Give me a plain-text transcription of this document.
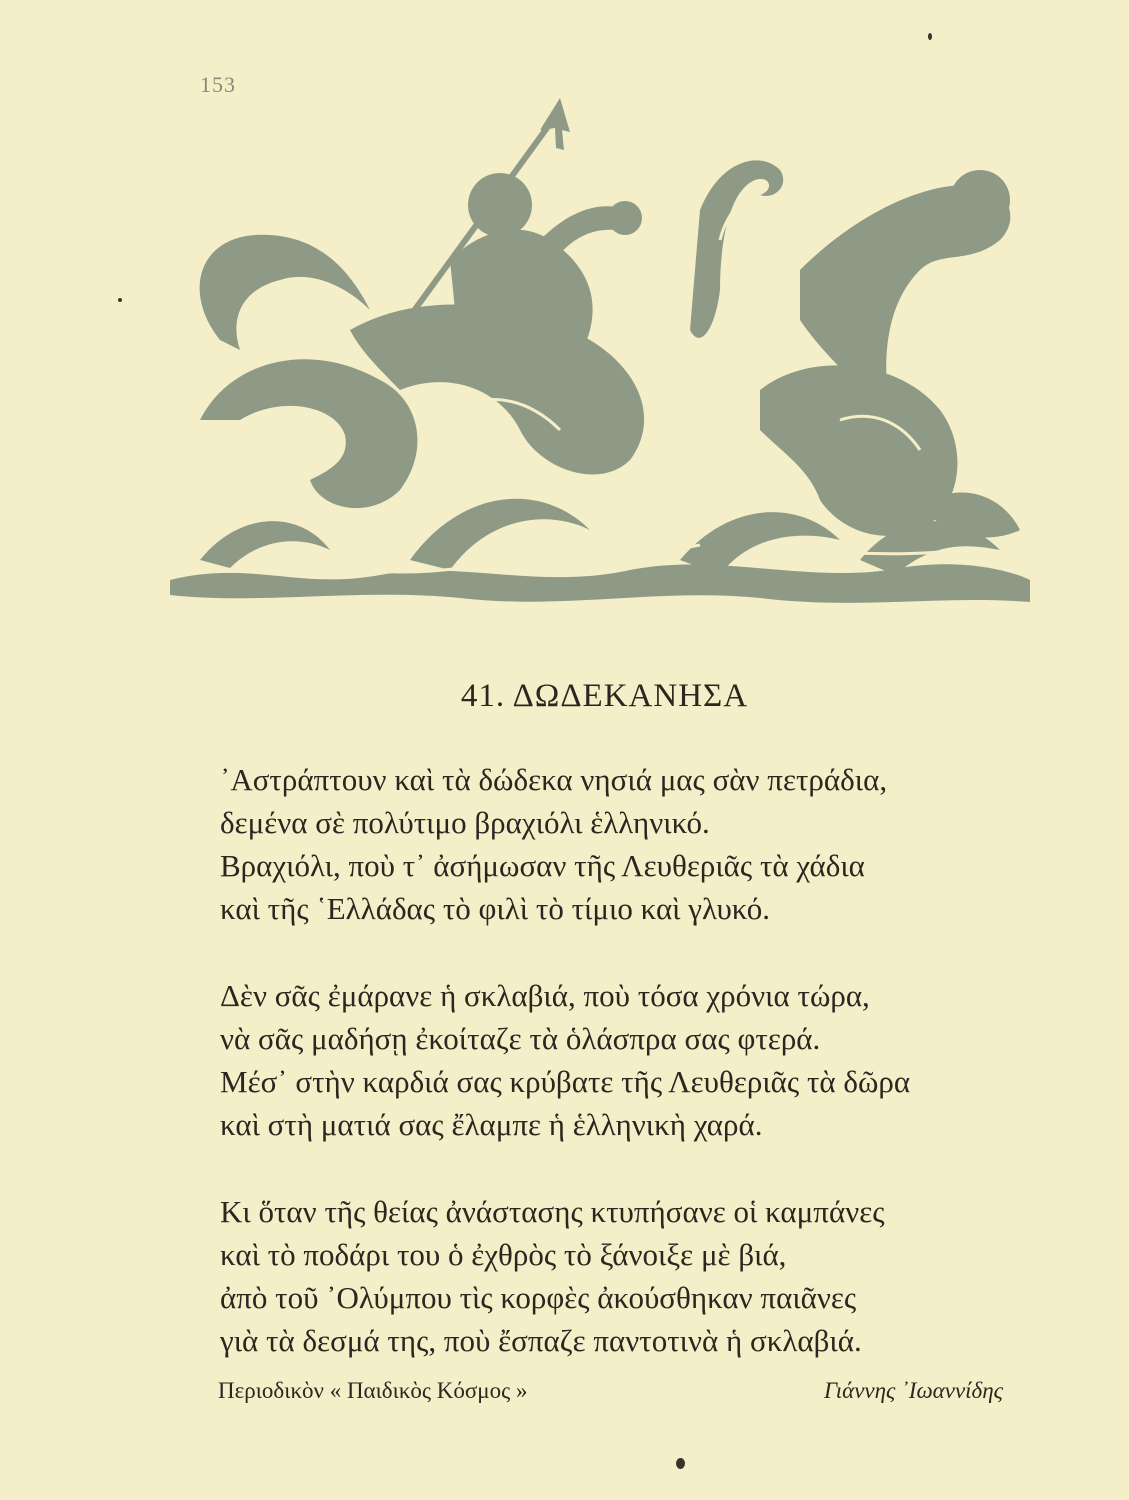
153
41. ΔΩΔΕΚΑΝΗΣΑ
᾿Αστράπτουν καὶ τὰ δώδεκα νησιά μας σὰν πετράδια,
δεμένα σὲ πολύτιμο βραχιόλι ἑλληνικό.
Βραχιόλι, ποὺ τ᾿ ἀσήμωσαν τῆς Λευθεριᾶς τὰ χάδια
καὶ τῆς ῾Ελλάδας τὸ φιλὶ τὸ τίμιο καὶ γλυκό.
Δὲν σᾶς ἐμάρανε ἡ σκλαβιά, ποὺ τόσα χρόνια τώρα,
νὰ σᾶς μαδήσῃ ἐκοίταζε τὰ ὁλάσπρα σας φτερά.
Μέσ᾿ στὴν καρδιά σας κρύβατε τῆς Λευθεριᾶς τὰ δῶρα
καὶ στὴ ματιά σας ἔλαμπε ἡ ἑλληνικὴ χαρά.
Κι ὅταν τῆς θείας ἀνάστασης κτυπήσανε οἱ καμπάνες
καὶ τὸ ποδάρι του ὁ ἐχθρὸς τὸ ξάνοιξε μὲ βιά,
ἀπὸ τοῦ ᾿Ολύμπου τὶς κορφὲς ἀκούσθηκαν παιᾶνες
γιὰ τὰ δεσμά της, ποὺ ἔσπαζε παντοτινὰ ἡ σκλαβιά.
Περιοδικὸν « Παιδικὸς Κόσμος »	Γιάννης ᾿Ιωαννίδης
